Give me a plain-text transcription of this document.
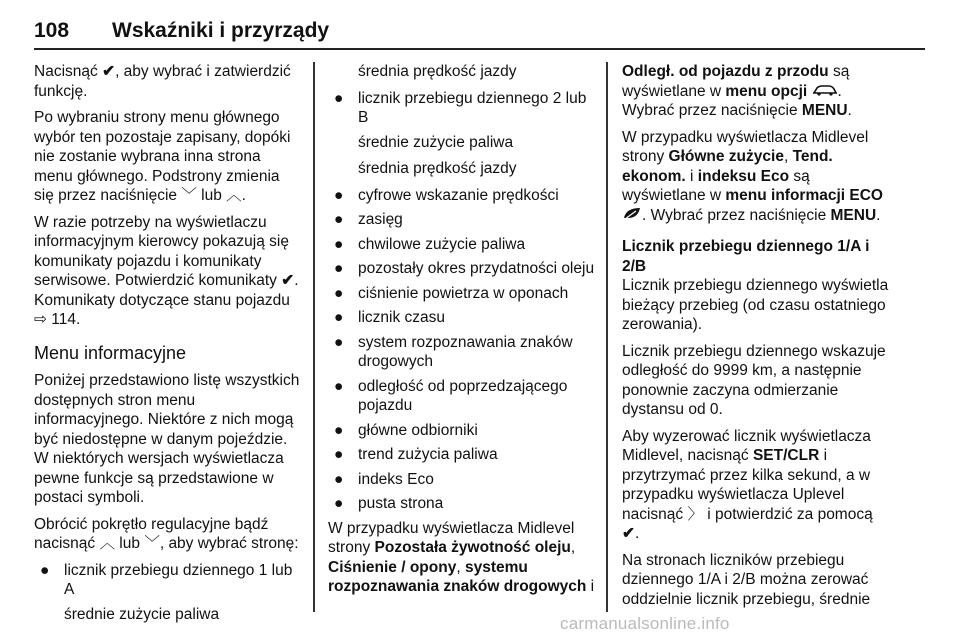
108 Wskaźniki i przyrządy

Nacisnąć ✔, aby wybrać i zatwierdzić funkcję.

Po wybraniu strony menu głównego wybór ten pozostaje zapisany, dopóki nie zostanie wybrana inna strona menu głównego. Podstrony zmienia się przez naciśnięcie ﹀ lub ︿.

W razie potrzeby na wyświetlaczu informacyjnym kierowcy pokazują się komunikaty pojazdu i komunikaty serwisowe. Potwierdzić komunikaty ✔. Komunikaty dotyczące stanu pojazdu ⇨ 114.

Menu informacyjne

Poniżej przedstawiono listę wszystkich dostępnych stron menu informacyjnego. Niektóre z nich mogą być niedostępne w danym pojeździe. W niektórych wersjach wyświetlacza pewne funkcje są przedstawione w postaci symboli.

Obrócić pokrętło regulacyjne bądź nacisnąć ︿ lub ﹀, aby wybrać stronę:

● licznik przebiegu dziennego 1 lub A

średnie zużycie paliwa

średnia prędkość jazdy

● licznik przebiegu dziennego 2 lub B

średnie zużycie paliwa

średnia prędkość jazdy

● cyfrowe wskazanie prędkości
● zasięg
● chwilowe zużycie paliwa
● pozostały okres przydatności oleju
● ciśnienie powietrza w oponach
● licznik czasu
● system rozpoznawania znaków drogowych
● odległość od poprzedzającego pojazdu
● główne odbiorniki
● trend zużycia paliwa
● indeks Eco
● pusta strona

W przypadku wyświetlacza Midlevel strony Pozostała żywotność oleju, Ciśnienie / opony, systemu rozpoznawania znaków drogowych i

Odległ. od pojazdu z przodu są wyświetlane w menu opcji . Wybrać przez naciśnięcie MENU.

W przypadku wyświetlacza Midlevel strony Główne zużycie, Tend. ekonom. i indeksu Eco są wyświetlane w menu informacji ECO . Wybrać przez naciśnięcie MENU.

Licznik przebiegu dziennego 1/A i 2/B

Licznik przebiegu dziennego wyświetla bieżący przebieg (od czasu ostatniego zerowania).

Licznik przebiegu dziennego wskazuje odległość do 9999 km, a następnie ponownie zaczyna odmierzanie dystansu od 0.

Aby wyzerować licznik wyświetlacza Midlevel, nacisnąć SET/CLR i przytrzymać przez kilka sekund, a w przypadku wyświetlacza Uplevel nacisnąć 〉 i potwierdzić za pomocą
✔.

Na stronach liczników przebiegu dziennego 1/A i 2/B można zerować oddzielnie licznik przebiegu, średnie

carmanualsonline.info
